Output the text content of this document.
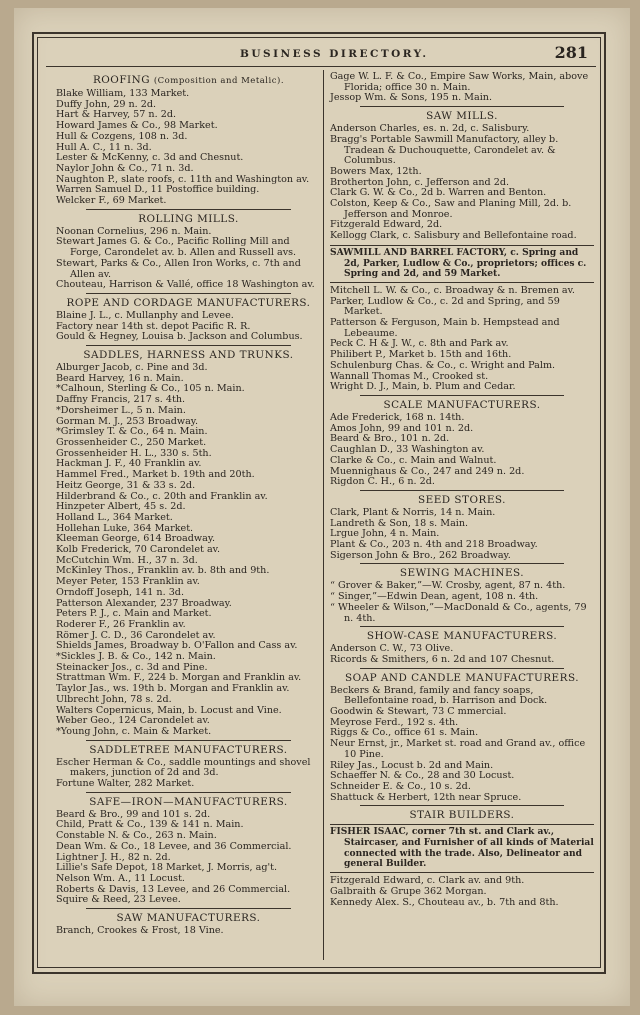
BUSINESS DIRECTORY.	281
ROOFING (Composition and Metalic).
Blake William, 133 Market.
Duffy John, 29 n. 2d.
Hart & Harvey, 57 n. 2d.
Howard James & Co., 98 Market.
Hull & Cozgens, 108 n. 3d.
Hull A. C., 11 n. 3d.
Lester & McKenny, c. 3d and Chesnut.
Naylor John & Co., 71 n. 3d.
Naughton P., slate roofs, c. 11th and Washington av.
Warren Samuel D., 11 Postoffice building.
Welcker F., 69 Market.
ROLLING MILLS.
Noonan Cornelius, 296 n. Main.
Stewart James G. & Co., Pacific Rolling Mill and Forge, Carondelet av. b. Allen and Russell avs.
Stewart, Parks & Co., Allen Iron Works, c. 7th and Allen av.
Chouteau, Harrison & Vallé, office 18 Washington av.
ROPE AND CORDAGE MANUFACTURERS.
Blaine J. L., c. Mullanphy and Levee.
Factory near 14th st. depot Pacific R. R.
Gould & Hegney, Louisa b. Jackson and Columbus.
SADDLES, HARNESS AND TRUNKS.
Alburger Jacob, c. Pine and 3d.
Beard Harvey, 16 n. Main.
*Calhoun, Sterling & Co., 105 n. Main.
Daffny Francis, 217 s. 4th.
*Dorsheimer L., 5 n. Main.
Gorman M. J., 253 Broadway.
*Grimsley T. & Co., 64 n. Main.
Grossenheider C., 250 Market.
Grossenheider H. L., 330 s. 5th.
Hackman J. F., 40 Franklin av.
Hammel Fred., Market b. 19th and 20th.
Heitz George, 31 & 33 s. 2d.
Hilderbrand & Co., c. 20th and Franklin av.
Hinzpeter Albert, 45 s. 2d.
Holland L., 364 Market.
Hollehan Luke, 364 Market.
Kleeman George, 614 Broadway.
Kolb Frederick, 70 Carondelet av.
McCutchin Wm. H., 37 n. 3d.
McKinley Thos., Franklin av. b. 8th and 9th.
Meyer Peter, 153 Franklin av.
Orndoff Joseph, 141 n. 3d.
Patterson Alexander, 237 Broadway.
Peters P. J., c. Main and Market.
Roderer F., 26 Franklin av.
Römer J. C. D., 36 Carondelet av.
Shields James, Broadway b. O'Fallon and Cass av.
*Sickles J. B. & Co., 142 n. Main.
Steinacker Jos., c. 3d and Pine.
Strattman Wm. F., 224 b. Morgan and Franklin av.
Taylor Jas., ws. 19th b. Morgan and Franklin av.
Ulbrecht John, 78 s. 2d.
Walters Copernicus, Main, b. Locust and Vine.
Weber Geo., 124 Carondelet av.
*Young John, c. Main & Market.
SADDLETREE MANUFACTURERS.
Escher Herman & Co., saddle mountings and shovel makers, junction of 2d and 3d.
Fortune Walter, 282 Market.
SAFE—IRON—MANUFACTURERS.
Beard & Bro., 99 and 101 s. 2d.
Child, Pratt & Co., 139 & 141 n. Main.
Constable N. & Co., 263 n. Main.
Dean Wm. & Co., 18 Levee, and 36 Commercial.
Lightner J. H., 82 n. 2d.
Lillie's Safe Depot, 18 Market, J. Morris, ag't.
Nelson Wm. A., 11 Locust.
Roberts & Davis, 13 Levee, and 26 Commercial.
Squire & Reed, 23 Levee.
SAW MANUFACTURERS.
Branch, Crookes & Frost, 18 Vine.
Gage W. L. F. & Co., Empire Saw Works, Main, above Florida; office 30 n. Main.
Jessop Wm. & Sons, 195 n. Main.
SAW MILLS.
Anderson Charles, es. n. 2d, c. Salisbury.
Bragg's Portable Sawmill Manufactory, alley b. Tradean & Duchouquette, Carondelet av. & Columbus.
Bowers Max, 12th.
Brotherton John, c. Jefferson and 2d.
Clark G. W. & Co., 2d b. Warren and Benton.
Colston, Keep & Co., Saw and Planing Mill, 2d. b. Jefferson and Monroe.
Fitzgerald Edward, 2d.
Kellogg Clark, c. Salisbury and Bellefontaine road.
SAWMILL AND BARREL FACTORY, c. Spring and 2d, Parker, Ludlow & Co., proprietors; offices c. Spring and 2d, and 59 Market.
Mitchell L. W. & Co., c. Broadway & n. Bremen av.
Parker, Ludlow & Co., c. 2d and Spring, and 59 Market.
Patterson & Ferguson, Main b. Hempstead and Lebeaume.
Peck C. H & J. W., c. 8th and Park av.
Philibert P., Market b. 15th and 16th.
Schulenburg Chas. & Co., c. Wright and Palm.
Wannall Thomas M., Crooked st.
Wright D. J., Main, b. Plum and Cedar.
SCALE MANUFACTURERS.
Ade Frederick, 168 n. 14th.
Amos John, 99 and 101 n. 2d.
Beard & Bro., 101 n. 2d.
Caughlan D., 33 Washington av.
Clarke & Co., c. Main and Walnut.
Muennighaus & Co., 247 and 249 n. 2d.
Rigdon C. H., 6 n. 2d.
SEED STORES.
Clark, Plant & Norris, 14 n. Main.
Landreth & Son, 18 s. Main.
Lrgue John, 4 n. Main.
Plant & Co., 203 n. 4th and 218 Broadway.
Sigerson John & Bro., 262 Broadway.
SEWING MACHINES.
“ Grover & Baker,”—W. Crosby, agent, 87 n. 4th.
“ Singer,”—Edwin Dean, agent, 108 n. 4th.
“ Wheeler & Wilson,”—MacDonald & Co., agents, 79 n. 4th.
SHOW-CASE MANUFACTURERS.
Anderson C. W., 73 Olive.
Ricords & Smithers, 6 n. 2d and 107 Chesnut.
SOAP AND CANDLE MANUFACTURERS.
Beckers & Brand, family and fancy soaps, Bellefontaine road, b. Harrison and Dock.
Goodwin & Stewart, 73 C mmercial.
Meyrose Ferd., 192 s. 4th.
Riggs & Co., office 61 s. Main.
Neur Ernst, jr., Market st. road and Grand av., office 10 Pine.
Riley Jas., Locust b. 2d and Main.
Schaeffer N. & Co., 28 and 30 Locust.
Schneider E. & Co., 10 s. 2d.
Shattuck & Herbert, 12th near Spruce.
STAIR BUILDERS.
FISHER ISAAC, corner 7th st. and Clark av., Staircaser, and Furnisher of all kinds of Material connected with the trade. Also, Delineator and general Builder.
Fitzgerald Edward, c. Clark av. and 9th.
Galbraith & Grupe 362 Morgan.
Kennedy Alex. S., Chouteau av., b. 7th and 8th.
